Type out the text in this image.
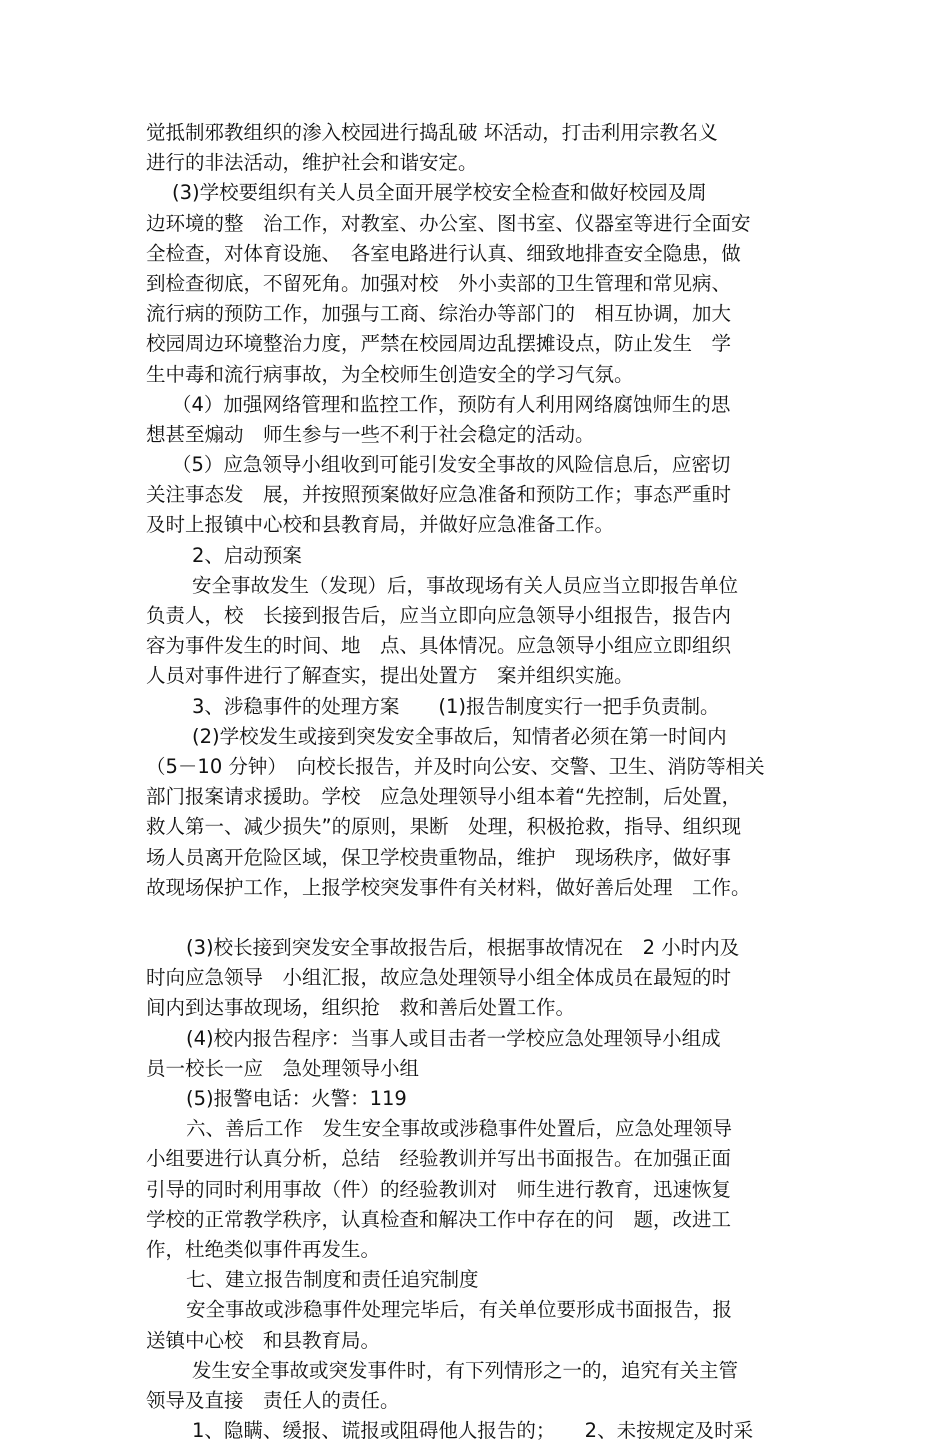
觉抵制邪教组织的渗入校园进行捣乱破 坏活动，打击利用宗教名义
进行的非法活动，维护社会和谐安定。
(3)学校要组织有关人员全面开展学校安全检查和做好校园及周
边环境的整　治工作，对教室、办公室、图书室、仪器室等进行全面安
全检查，对体育设施、　各室电路进行认真、细致地排查安全隐患，做
到检查彻底，不留死角。加强对校　外小卖部的卫生管理和常见病、
流行病的预防工作，加强与工商、综治办等部门的　相互协调，加大
校园周边环境整治力度，严禁在校园周边乱摆摊设点，防止发生　学
生中毒和流行病事故，为全校师生创造安全的学习气氛。
（4）加强网络管理和监控工作，预防有人利用网络腐蚀师生的思
想甚至煽动　师生参与一些不利于社会稳定的活动。
（5）应急领导小组收到可能引发安全事故的风险信息后，应密切
关注事态发　展，并按照预案做好应急准备和预防工作；事态严重时
及时上报镇中心校和县教育局，并做好应急准备工作。
2、启动预案
安全事故发生（发现）后，事故现场有关人员应当立即报告单位
负责人，校　长接到报告后，应当立即向应急领导小组报告，报告内
容为事件发生的时间、地　点、具体情况。应急领导小组应立即组织
人员对事件进行了解查实，提出处置方　案并组织实施。
3、涉稳事件的处理方案　　(1)报告制度实行一把手负责制。
(2)学校发生或接到突发安全事故后，知情者必须在第一时间内
（5－10 分钟）　向校长报告，并及时向公安、交警、卫生、消防等相关
部门报案请求援助。学校　应急处理领导小组本着“先控制，后处置，
救人第一、减少损失”的原则，果断　处理，积极抢救，指导、组织现
场人员离开危险区域，保卫学校贵重物品，维护　现场秩序，做好事
故现场保护工作，上报学校突发事件有关材料，做好善后处理　工作。
(3)校长接到突发安全事故报告后，根据事故情况在　2 小时内及
时向应急领导　小组汇报，故应急处理领导小组全体成员在最短的时
间内到达事故现场，组织抢　救和善后处置工作。
(4)校内报告程序：当事人或目击者一学校应急处理领导小组成
员一校长一应　急处理领导小组
(5)报警电话：火警：119
六、善后工作　发生安全事故或涉稳事件处置后，应急处理领导
小组要进行认真分析，总结　经验教训并写出书面报告。在加强正面
引导的同时利用事故（件）的经验教训对　师生进行教育，迅速恢复
学校的正常教学秩序，认真检查和解决工作中存在的问　题，改进工
作，杜绝类似事件再发生。
七、建立报告制度和责任追究制度
安全事故或涉稳事件处理完毕后，有关单位要形成书面报告，报
送镇中心校　和县教育局。
发生安全事故或突发事件时，有下列情形之一的，追究有关主管
领导及直接　责任人的责任。
1、隐瞒、缓报、谎报或阻碍他人报告的；　　2、未按规定及时采
